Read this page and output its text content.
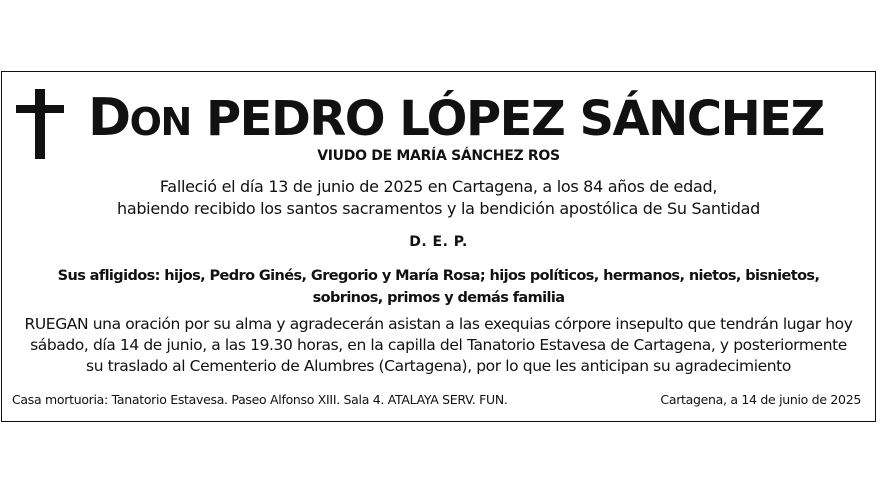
DON PEDRO LÓPEZ SÁNCHEZ
VIUDO DE MARÍA SÁNCHEZ ROS
Falleció el día 13 de junio de 2025 en Cartagena, a los 84 años de edad,
habiendo recibido los santos sacramentos y la bendición apostólica de Su Santidad
D. E. P.
Sus afligidos: hijos, Pedro Ginés, Gregorio y María Rosa; hijos políticos, hermanos, nietos, bisnietos,
sobrinos, primos y demás familia
RUEGAN una oración por su alma y agradecerán asistan a las exequias córpore insepulto que tendrán lugar hoy
sábado, día 14 de junio, a las 19.30 horas, en la capilla del Tanatorio Estavesa de Cartagena, y posteriormente
su traslado al Cementerio de Alumbres (Cartagena), por lo que les anticipan su agradecimiento
Casa mortuoria: Tanatorio Estavesa. Paseo Alfonso XIII. Sala 4. ATALAYA SERV. FUN.	Cartagena, a 14 de junio de 2025
